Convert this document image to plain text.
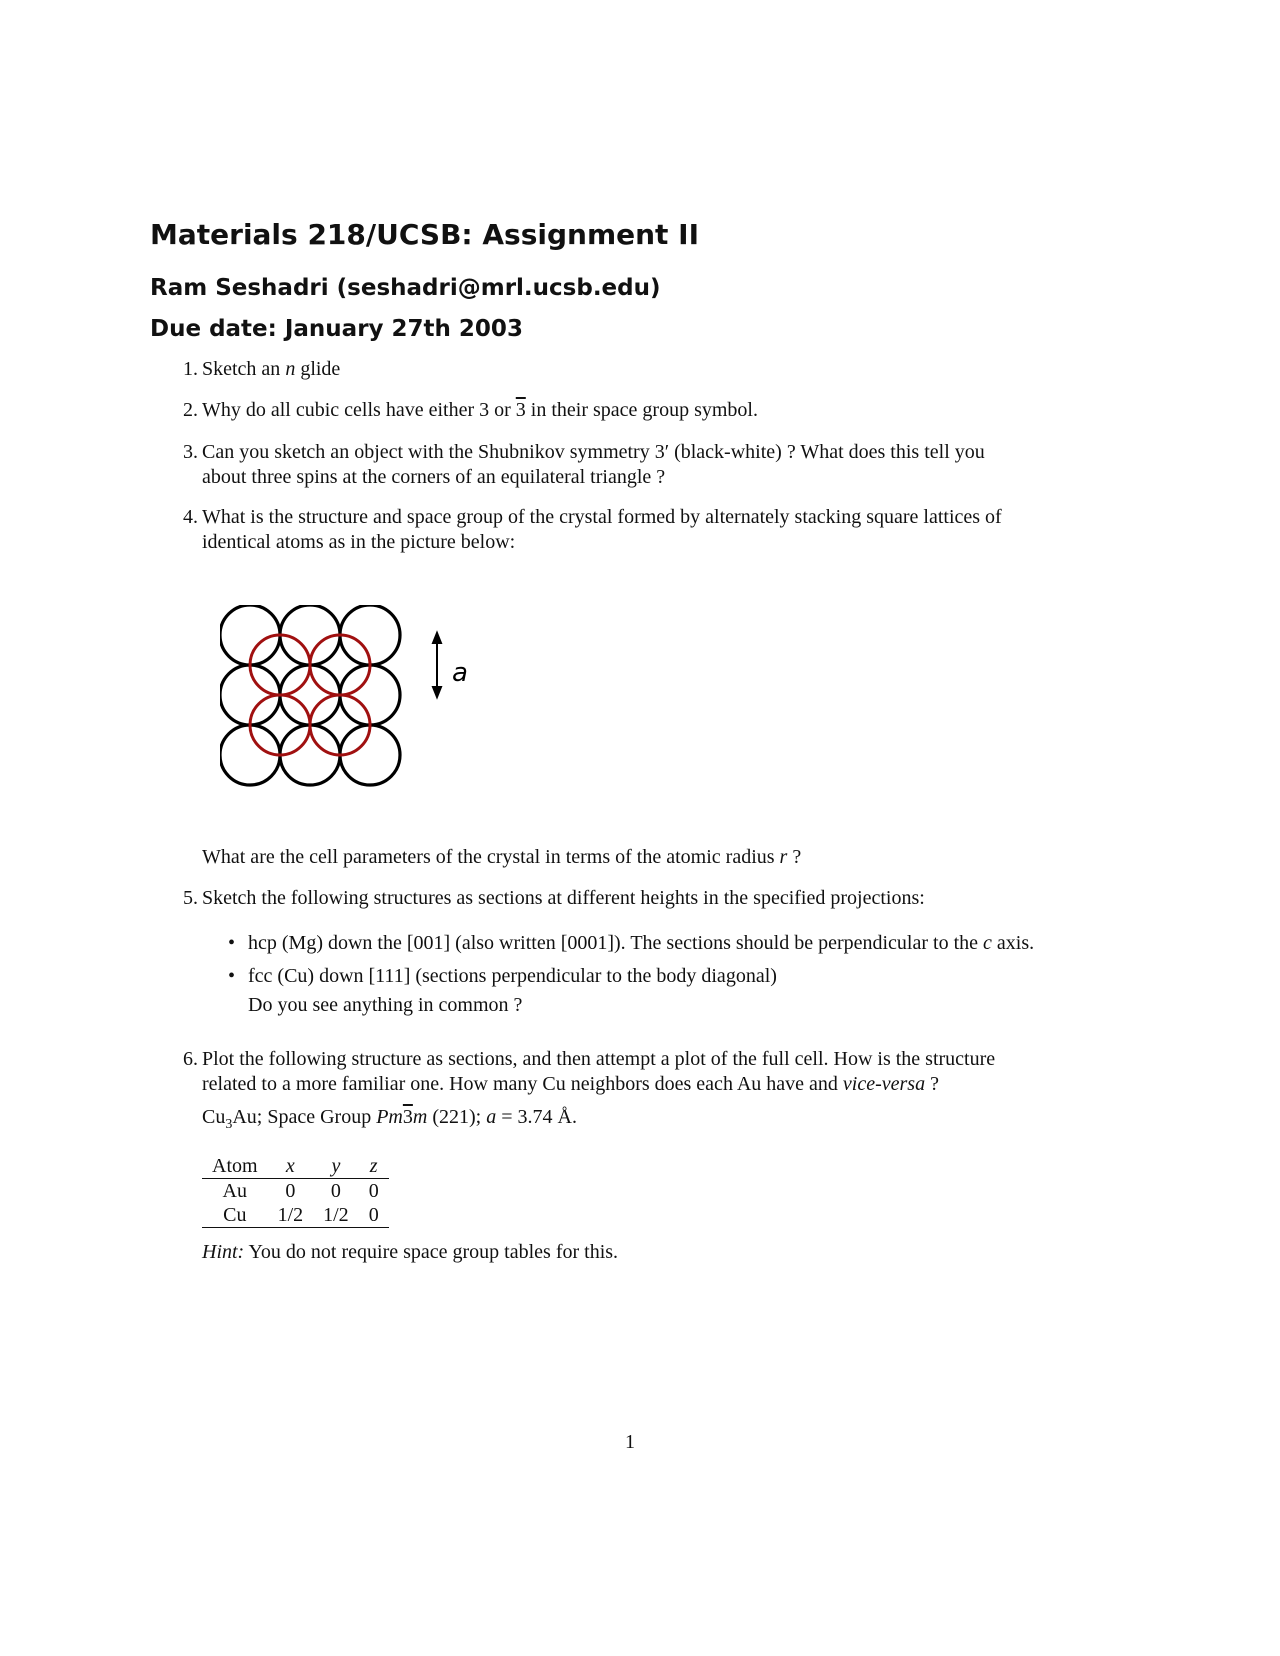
Materials 218/UCSB: Assignment II
Ram Seshadri (seshadri@mrl.ucsb.edu)
Due date: January 27th 2003
1. Sketch an n glide
2. Why do all cubic cells have either 3 or 3 in their space group symbol.
3. Can you sketch an object with the Shubnikov symmetry 3′ (black-white) ? What does this tell you
about three spins at the corners of an equilateral triangle ?
4. What is the structure and space group of the crystal formed by alternately stacking square lattices of
identical atoms as in the picture below:
a
What are the cell parameters of the crystal in terms of the atomic radius r ?
5. Sketch the following structures as sections at different heights in the specified projections:
• hcp (Mg) down the [001] (also written [0001]). The sections should be perpendicular to the c axis.
• fcc (Cu) down [111] (sections perpendicular to the body diagonal)
Do you see anything in common ?
6. Plot the following structure as sections, and then attempt a plot of the full cell. How is the structure
related to a more familiar one. How many Cu neighbors does each Au have and vice-versa ?
$Cu_3Au$; Space Group Pm3m (221); a = 3.74 Å.
Atom	x	y	z
Au	0	0	0
Cu	1/2	1/2	0
Hint: You do not require space group tables for this.
1
